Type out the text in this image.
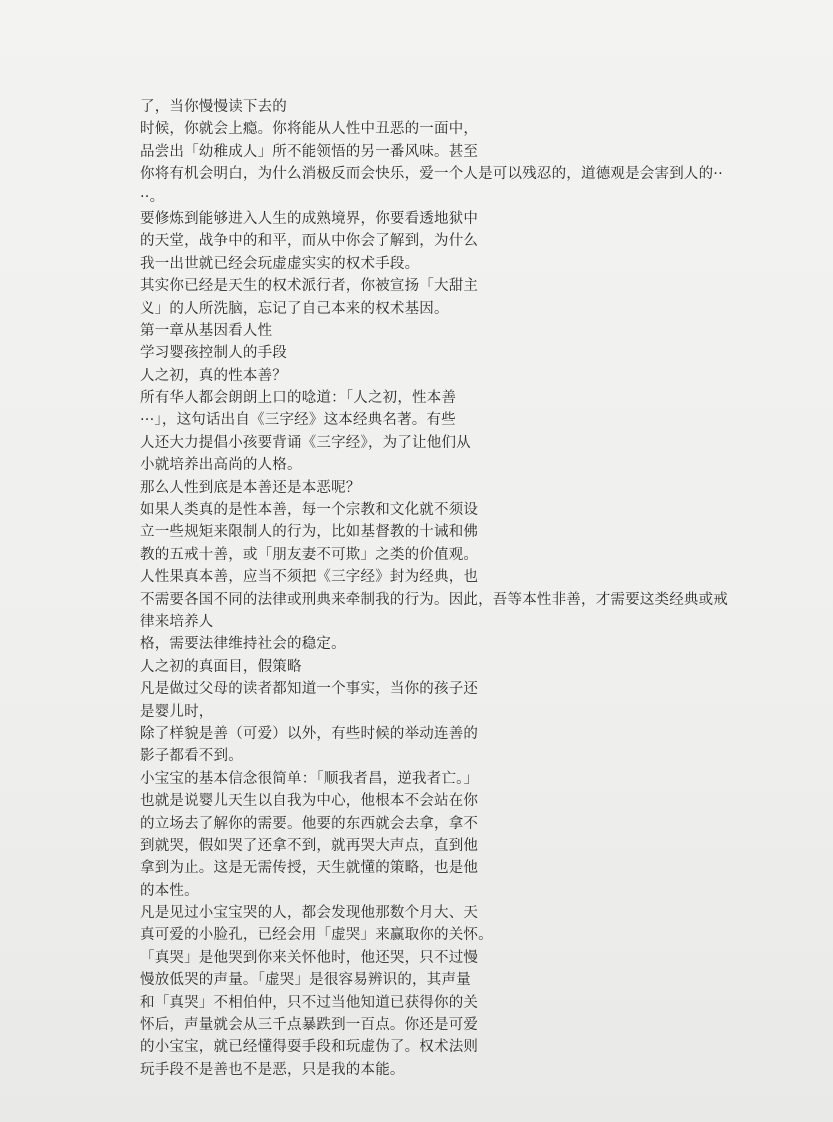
了，当你慢慢读下去的
时候，你就会上瘾。你将能从人性中丑恶的一面中，
品尝出「幼稚成人」所不能领悟的另一番风味。甚至
你将有机会明白，为什么消极反而会快乐，爱一个人是可以残忍的，道德观是会害到人的··
··。
要修炼到能够进入人生的成熟境界，你要看透地狱中
的天堂，战争中的和平，而从中你会了解到，为什么
我一出世就已经会玩虚虚实实的权术手段。
其实你已经是天生的权术派行者，你被宣扬「大甜主
义」的人所洗脑，忘记了自己本来的权术基因。
第一章从基因看人性
学习婴孩控制人的手段
人之初，真的性本善？
所有华人都会朗朗上口的唸道：「人之初，性本善
···」，这句话出自《三字经》这本经典名著。有些
人还大力提倡小孩要背诵《三字经》，为了让他们从
小就培养出高尚的人格。
那么人性到底是本善还是本恶呢？
如果人类真的是性本善，每一个宗教和文化就不须设
立一些规矩来限制人的行为，比如基督教的十诫和佛
教的五戒十善，或「朋友妻不可欺」之类的价值观。
人性果真本善，应当不须把《三字经》封为经典，也
不需要各国不同的法律或刑典来牵制我的行为。因此，吾等本性非善，才需要这类经典或戒
律来培养人
格，需要法律维持社会的稳定。
人之初的真面目，假策略
凡是做过父母的读者都知道一个事实，当你的孩子还
是婴儿时，
除了样貌是善（可爱）以外，有些时候的举动连善的
影子都看不到。
小宝宝的基本信念很简单：「顺我者昌，逆我者亡。」
也就是说婴儿天生以自我为中心，他根本不会站在你
的立场去了解你的需要。他要的东西就会去拿，拿不
到就哭，假如哭了还拿不到，就再哭大声点，直到他
拿到为止。这是无需传授，天生就懂的策略，也是他
的本性。
凡是见过小宝宝哭的人，都会发现他那数个月大、天
真可爱的小脸孔，已经会用「虚哭」来赢取你的关怀。
「真哭」是他哭到你来关怀他时，他还哭，只不过慢
慢放低哭的声量。「虚哭」是很容易辨识的，其声量
和「真哭」不相伯仲，只不过当他知道已获得你的关
怀后，声量就会从三千点暴跌到一百点。你还是可爱
的小宝宝，就已经懂得耍手段和玩虚伪了。权术法则
玩手段不是善也不是恶，只是我的本能。
